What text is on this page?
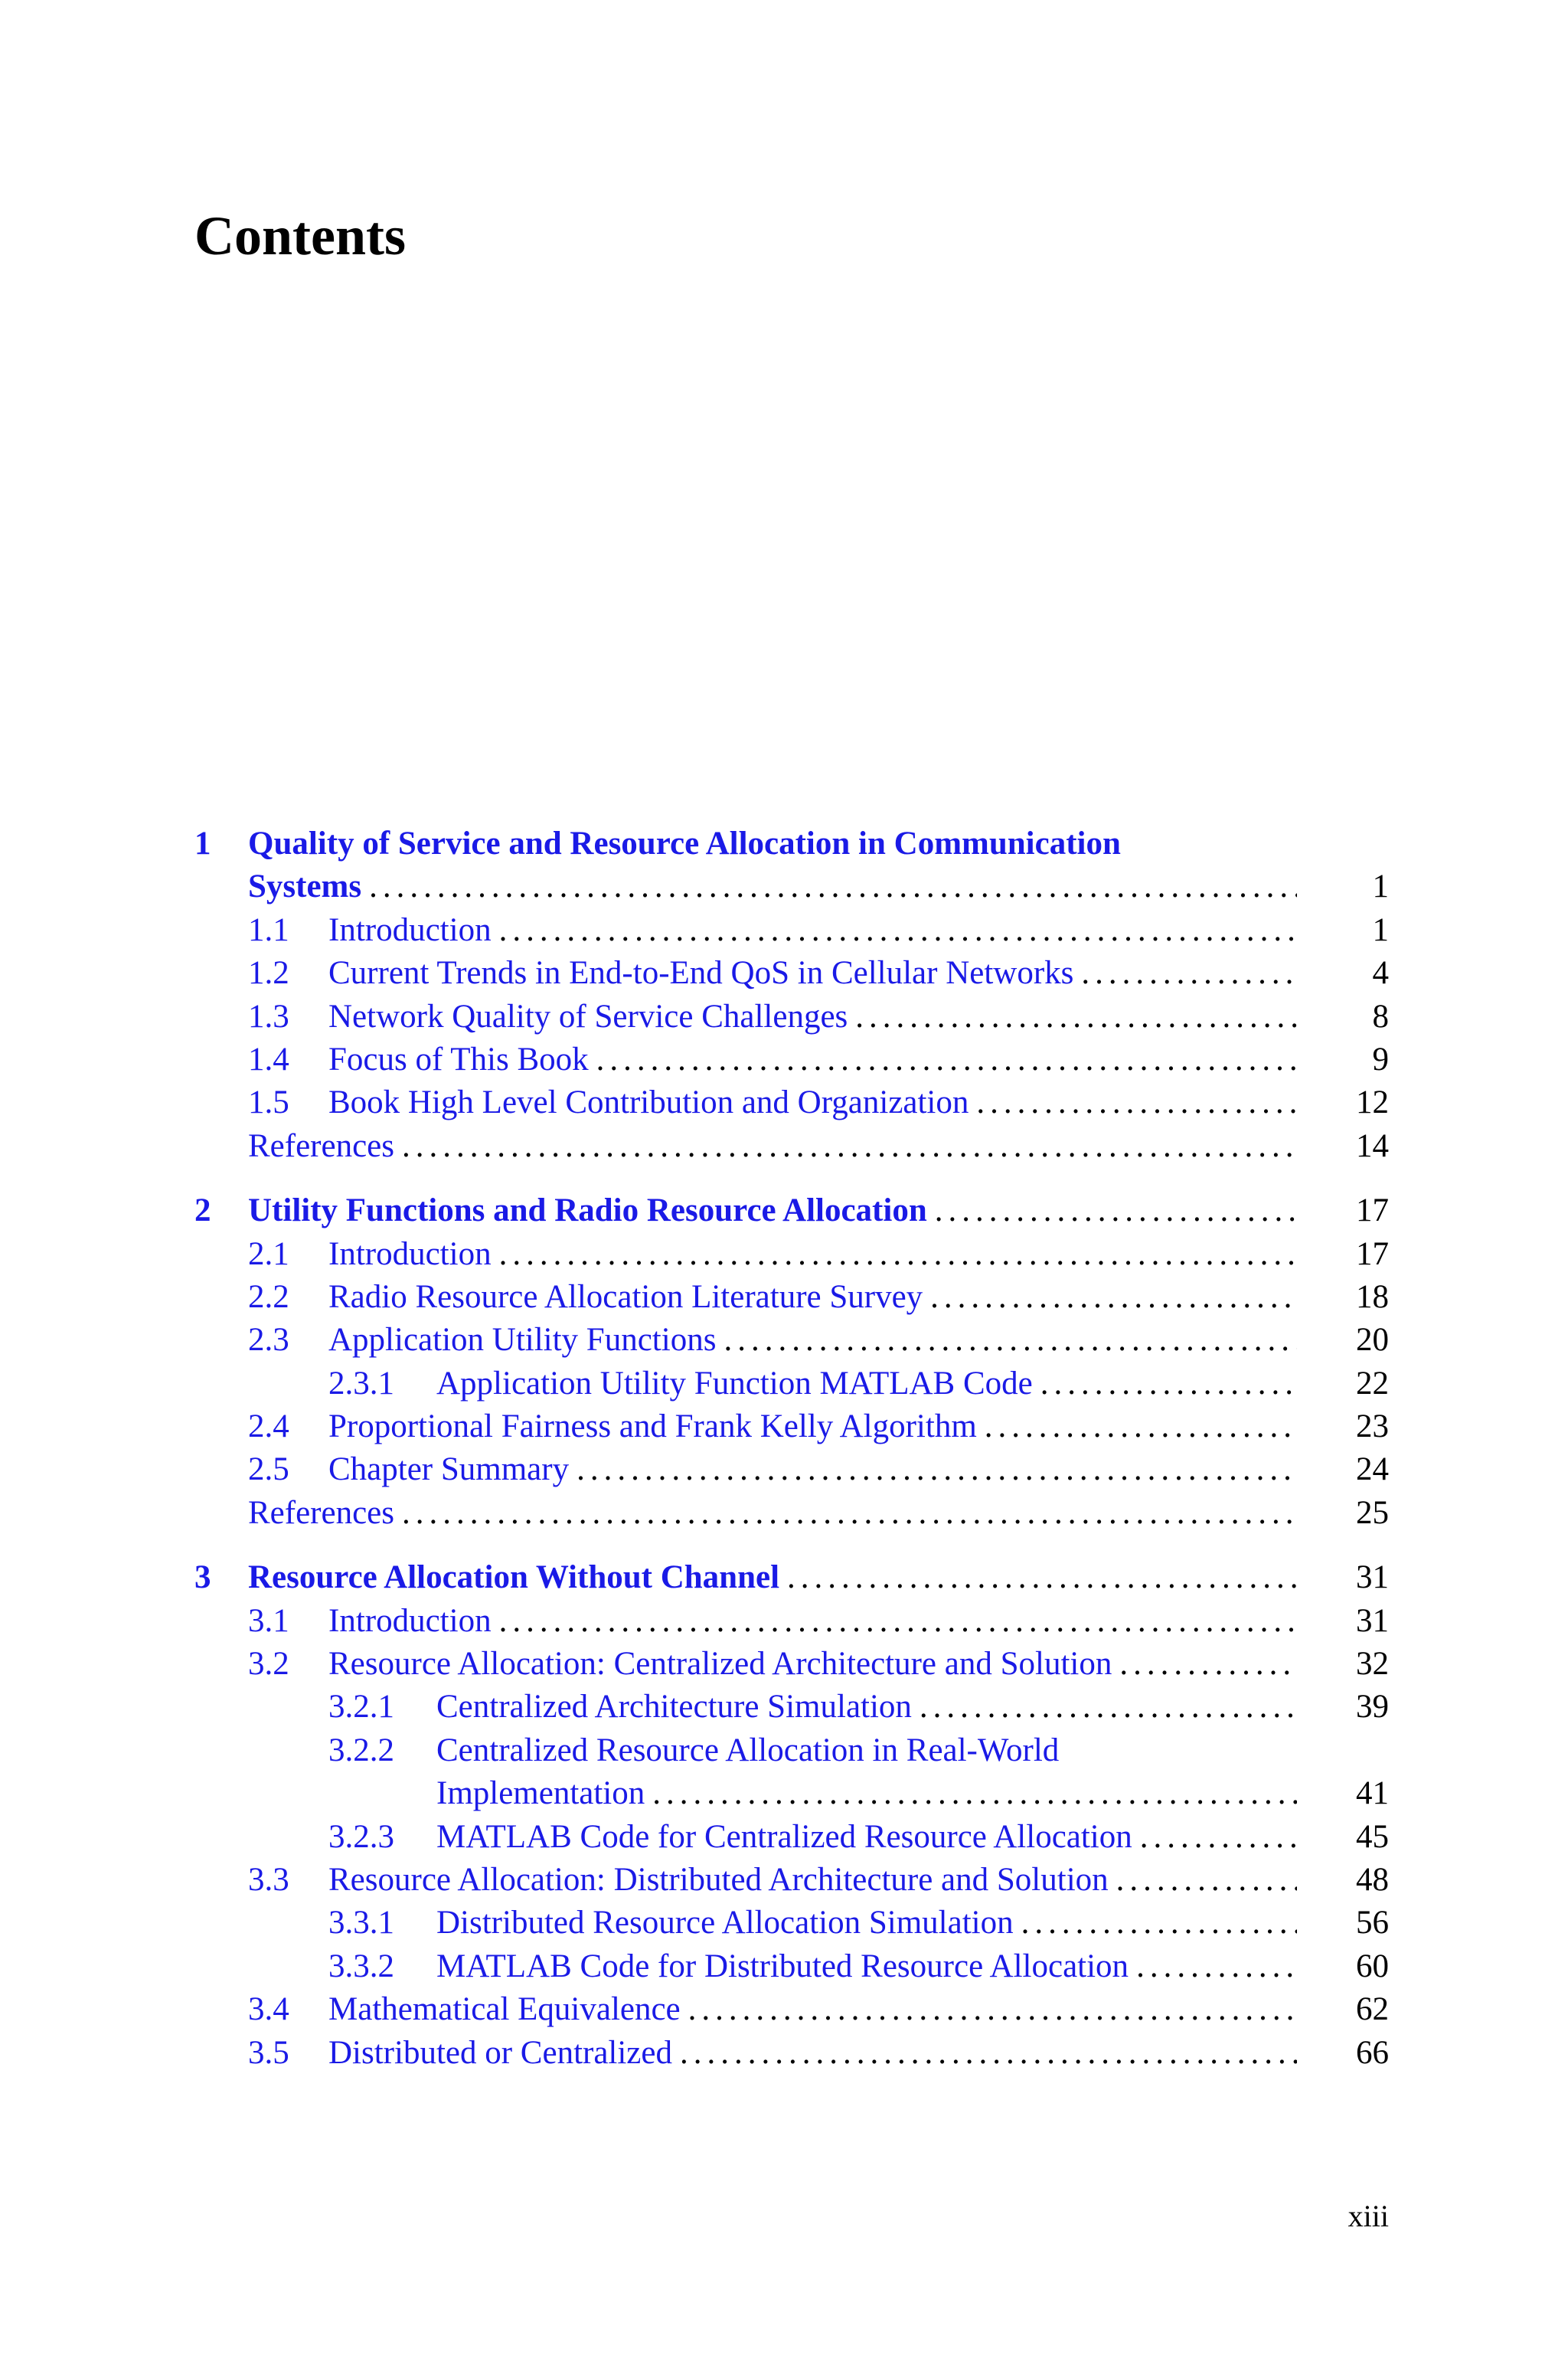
Contents
1 Quality of Service and Resource Allocation in Communication
Systems .....	1
1.1 Introduction .....	1
1.2 Current Trends in End-to-End QoS in Cellular Networks .....	4
1.3 Network Quality of Service Challenges .....	8
1.4 Focus of This Book .....	9
1.5 Book High Level Contribution and Organization .....	12
References .....	14
2 Utility Functions and Radio Resource Allocation .....	17
2.1 Introduction .....	17
2.2 Radio Resource Allocation Literature Survey .....	18
2.3 Application Utility Functions .....	20
2.3.1 Application Utility Function MATLAB Code .....	22
2.4 Proportional Fairness and Frank Kelly Algorithm .....	23
2.5 Chapter Summary .....	24
References .....	25
3 Resource Allocation Without Channel .....	31
3.1 Introduction .....	31
3.2 Resource Allocation: Centralized Architecture and Solution .....	32
3.2.1 Centralized Architecture Simulation .....	39
3.2.2 Centralized Resource Allocation in Real-World
Implementation .....	41
3.2.3 MATLAB Code for Centralized Resource Allocation .....	45
3.3 Resource Allocation: Distributed Architecture and Solution .....	48
3.3.1 Distributed Resource Allocation Simulation .....	56
3.3.2 MATLAB Code for Distributed Resource Allocation .....	60
3.4 Mathematical Equivalence .....	62
3.5 Distributed or Centralized .....	66
xiii
